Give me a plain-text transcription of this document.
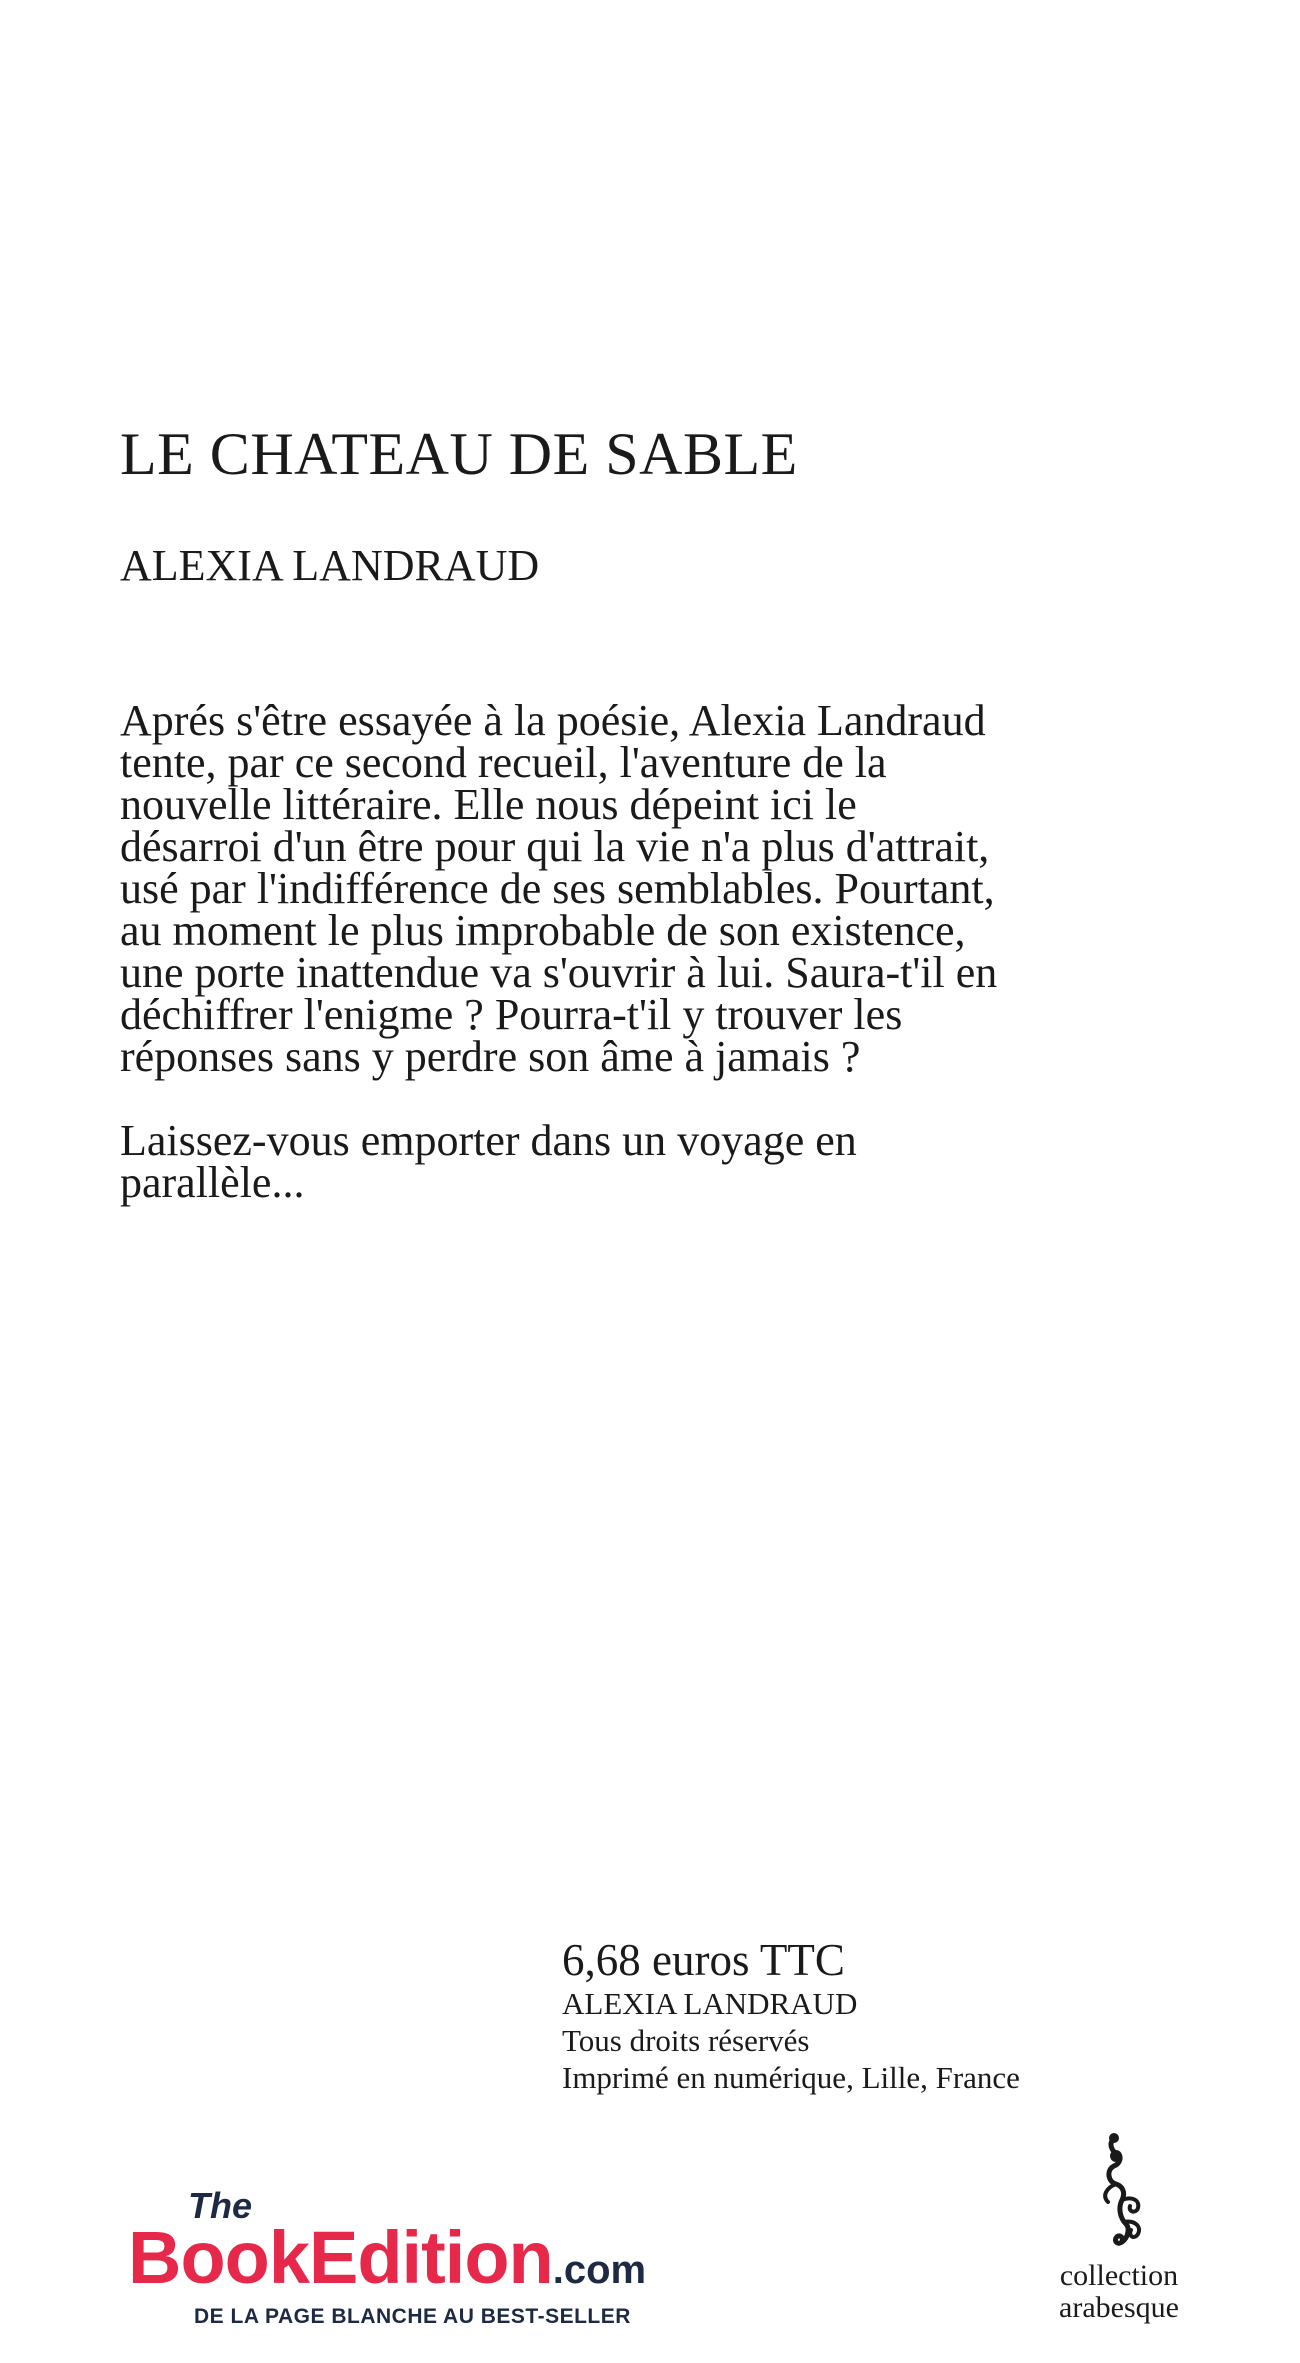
LE CHATEAU DE SABLE
ALEXIA LANDRAUD

Aprés s'être essayée à la poésie, Alexia Landraud tente, par ce second recueil, l'aventure de la nouvelle littéraire. Elle nous dépeint ici le désarroi d'un être pour qui la vie n'a plus d'attrait, usé par l'indifférence de ses semblables. Pourtant, au moment le plus improbable de son existence, une porte inattendue va s'ouvrir à lui. Saura-t'il en déchiffrer l'enigme ? Pourra-t'il y trouver les réponses sans y perdre son âme à jamais ?

Laissez-vous emporter dans un voyage en parallèle...

6,68 euros TTC
ALEXIA LANDRAUD
Tous droits réservés
Imprimé en numérique, Lille, France
The
BookEdition.com
DE LA PAGE BLANCHE AU BEST-SELLER
collection
arabesque
